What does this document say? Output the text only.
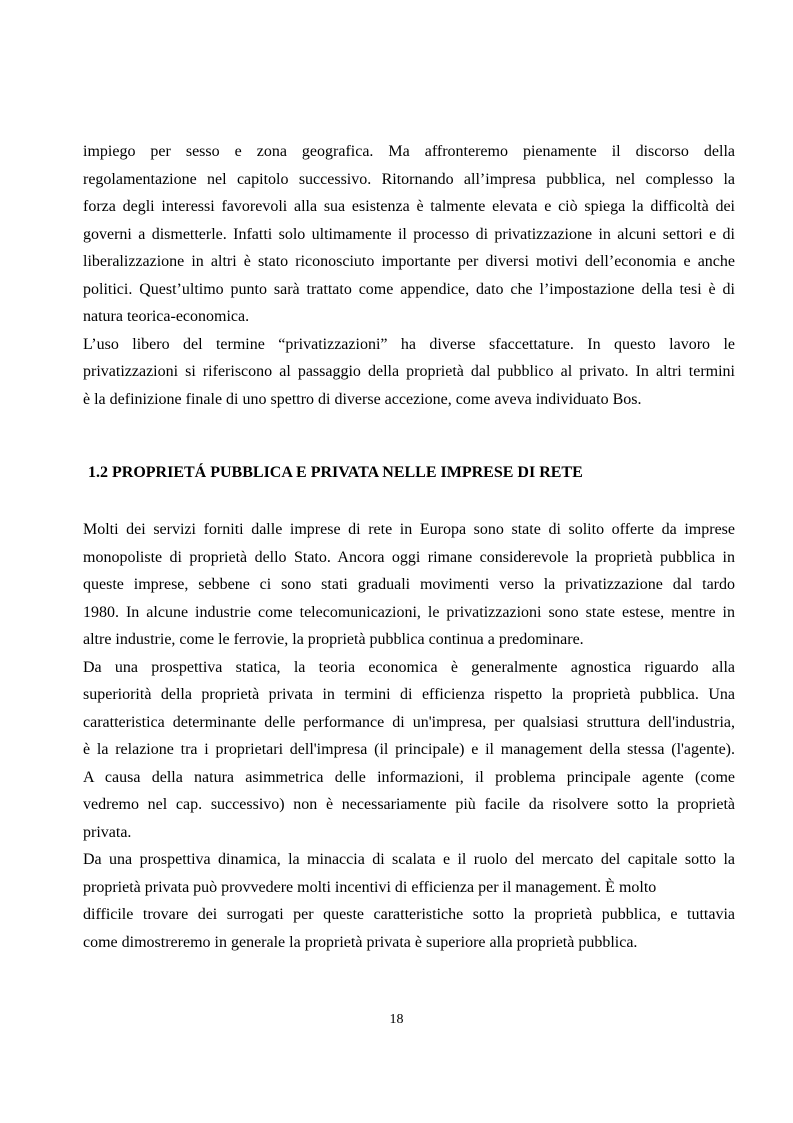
impiego per sesso e zona geografica. Ma affronteremo pienamente il discorso della
regolamentazione nel capitolo successivo. Ritornando all’impresa pubblica, nel complesso la
forza degli interessi favorevoli alla sua esistenza è talmente elevata e ciò spiega la difficoltà dei
governi a dismetterle. Infatti solo ultimamente il processo di privatizzazione in alcuni settori e di
liberalizzazione in altri è stato riconosciuto importante per diversi motivi dell’economia e anche
politici. Quest’ultimo punto sarà trattato come appendice, dato che l’impostazione della tesi è di
natura teorica-economica.
L’uso libero del termine “privatizzazioni” ha diverse sfaccettature. In questo lavoro le
privatizzazioni si riferiscono al passaggio della proprietà dal pubblico al privato. In altri termini
è la definizione finale di uno spettro di diverse accezione, come aveva individuato Bos.
1.2 PROPRIETÁ PUBBLICA E PRIVATA NELLE IMPRESE DI RETE
Molti dei servizi forniti dalle imprese di rete in Europa sono state di solito offerte da imprese
monopoliste di proprietà dello Stato. Ancora oggi rimane considerevole la proprietà pubblica in
queste imprese, sebbene ci sono stati graduali movimenti verso la privatizzazione dal tardo
1980. In alcune industrie come telecomunicazioni, le privatizzazioni sono state estese, mentre in
altre industrie, come le ferrovie, la proprietà pubblica continua a predominare.
Da una prospettiva statica, la teoria economica è generalmente agnostica riguardo alla
superiorità della proprietà privata in termini di efficienza rispetto la proprietà pubblica. Una
caratteristica determinante delle performance di un'impresa, per qualsiasi struttura dell'industria,
è la relazione tra i proprietari dell'impresa (il principale) e il management della stessa (l'agente).
A causa della natura asimmetrica delle informazioni, il problema principale agente (come
vedremo nel cap. successivo) non è necessariamente più facile da risolvere sotto la proprietà
privata.
Da una prospettiva dinamica, la minaccia di scalata e il ruolo del mercato del capitale sotto la
proprietà privata può provvedere molti incentivi di efficienza per il management. È molto
difficile trovare dei surrogati per queste caratteristiche sotto la proprietà pubblica, e tuttavia
come dimostreremo in generale la proprietà privata è superiore alla proprietà pubblica.
18
